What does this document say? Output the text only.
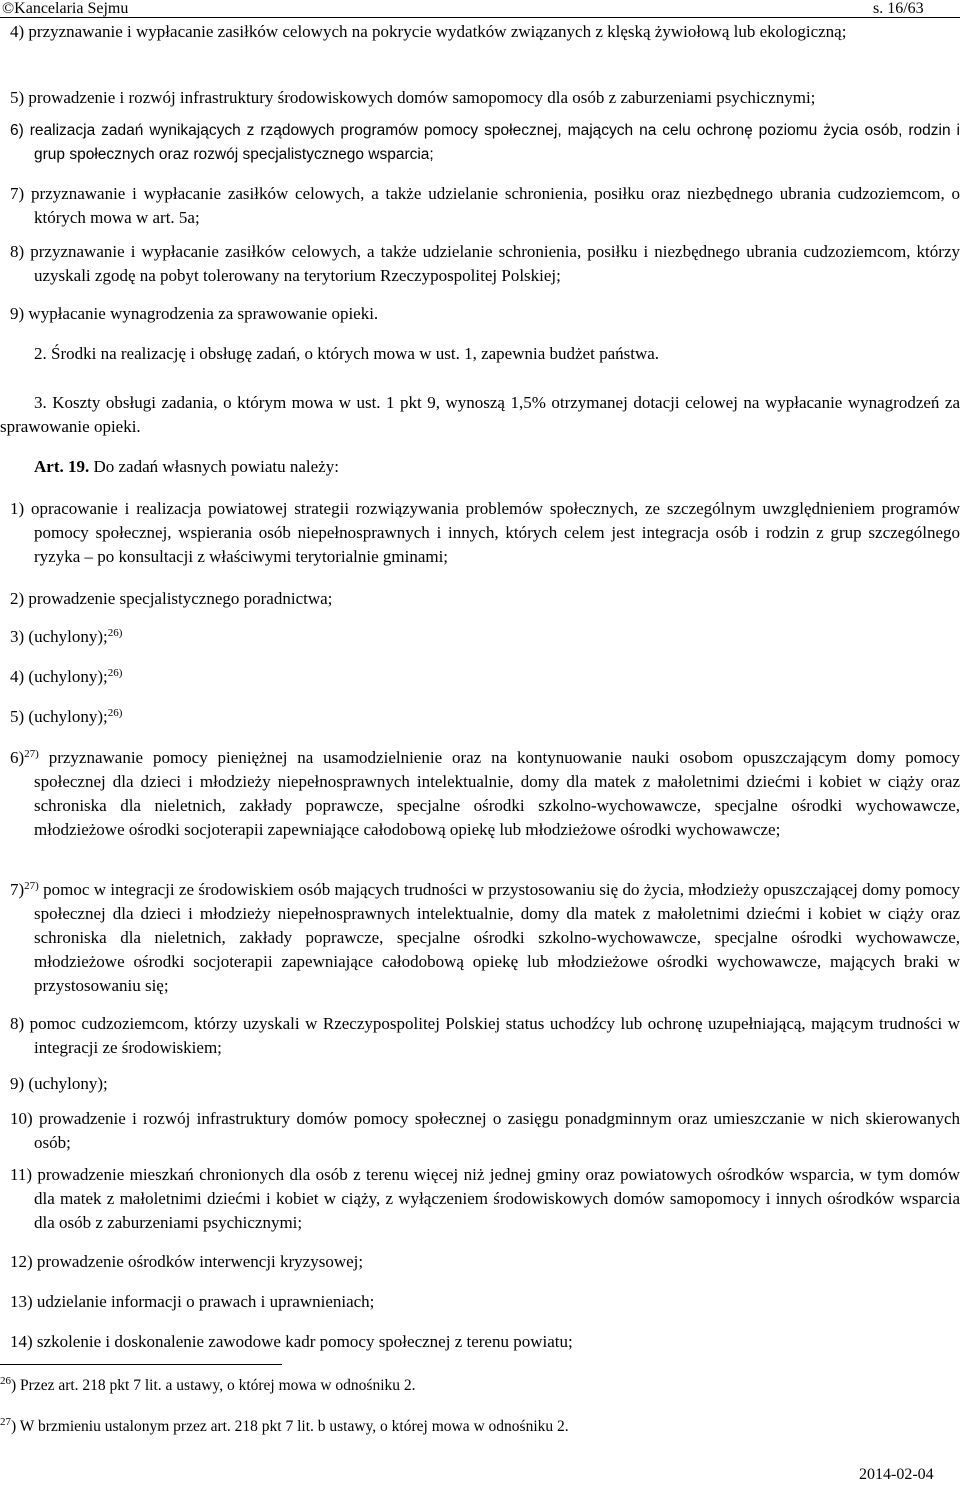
©Kancelaria Sejmu	s. 16/63

4) przyznawanie i wypłacanie zasiłków celowych na pokrycie wydatków związanych z klęską żywiołową lub ekologiczną;

5) prowadzenie i rozwój infrastruktury środowiskowych domów samopomocy dla osób z zaburzeniami psychicznymi;

6) realizacja zadań wynikających z rządowych programów pomocy społecznej, mających na celu ochronę poziomu życia osób, rodzin i grup społecznych oraz rozwój specjalistycznego wsparcia;

7) przyznawanie i wypłacanie zasiłków celowych, a także udzielanie schronienia, posiłku oraz niezbędnego ubrania cudzoziemcom, o których mowa w art. 5a;

8) przyznawanie i wypłacanie zasiłków celowych, a także udzielanie schronienia, posiłku i niezbędnego ubrania cudzoziemcom, którzy uzyskali zgodę na pobyt tolerowany na terytorium Rzeczypospolitej Polskiej;

9) wypłacanie wynagrodzenia za sprawowanie opieki.

2. Środki na realizację i obsługę zadań, o których mowa w ust. 1, zapewnia budżet państwa.

3. Koszty obsługi zadania, o którym mowa w ust. 1 pkt 9, wynoszą 1,5% otrzymanej dotacji celowej na wypłacanie wynagrodzeń za sprawowanie opieki.

Art. 19. Do zadań własnych powiatu należy:

1) opracowanie i realizacja powiatowej strategii rozwiązywania problemów społecznych, ze szczególnym uwzględnieniem programów pomocy społecznej, wspierania osób niepełnosprawnych i innych, których celem jest integracja osób i rodzin z grup szczególnego ryzyka – po konsultacji z właściwymi terytorialnie gminami;

2) prowadzenie specjalistycznego poradnictwa;

3) (uchylony);$^{26)}$

4) (uchylony);$^{26)}$

5) (uchylony);$^{26)}$

6)$^{27)}$ przyznawanie pomocy pieniężnej na usamodzielnienie oraz na kontynuowanie nauki osobom opuszczającym domy pomocy społecznej dla dzieci i młodzieży niepełnosprawnych intelektualnie, domy dla matek z małoletnimi dziećmi i kobiet w ciąży oraz schroniska dla nieletnich, zakłady poprawcze, specjalne ośrodki szkolno-wychowawcze, specjalne ośrodki wychowawcze, młodzieżowe ośrodki socjoterapii zapewniające całodobową opiekę lub młodzieżowe ośrodki wychowawcze;

7)$^{27)}$ pomoc w integracji ze środowiskiem osób mających trudności w przystosowaniu się do życia, młodzieży opuszczającej domy pomocy społecznej dla dzieci i młodzieży niepełnosprawnych intelektualnie, domy dla matek z małoletnimi dziećmi i kobiet w ciąży oraz schroniska dla nieletnich, zakłady poprawcze, specjalne ośrodki szkolno-wychowawcze, specjalne ośrodki wychowawcze, młodzieżowe ośrodki socjoterapii zapewniające całodobową opiekę lub młodzieżowe ośrodki wychowawcze, mających braki w przystosowaniu się;

8) pomoc cudzoziemcom, którzy uzyskali w Rzeczypospolitej Polskiej status uchodźcy lub ochronę uzupełniającą, mającym trudności w integracji ze środowiskiem;

9) (uchylony);

10) prowadzenie i rozwój infrastruktury domów pomocy społecznej o zasięgu ponadgminnym oraz umieszczanie w nich skierowanych osób;

11) prowadzenie mieszkań chronionych dla osób z terenu więcej niż jednej gminy oraz powiatowych ośrodków wsparcia, w tym domów dla matek z małoletnimi dziećmi i kobiet w ciąży, z wyłączeniem środowiskowych domów samopomocy i innych ośrodków wsparcia dla osób z zaburzeniami psychicznymi;

12) prowadzenie ośrodków interwencji kryzysowej;

13) udzielanie informacji o prawach i uprawnieniach;

14) szkolenie i doskonalenie zawodowe kadr pomocy społecznej z terenu powiatu;

$^{26}$) Przez art. 218 pkt 7 lit. a ustawy, o której mowa w odnośniku 2.

$^{27}$) W brzmieniu ustalonym przez art. 218 pkt 7 lit. b ustawy, o której mowa w odnośniku 2.

2014-02-04
